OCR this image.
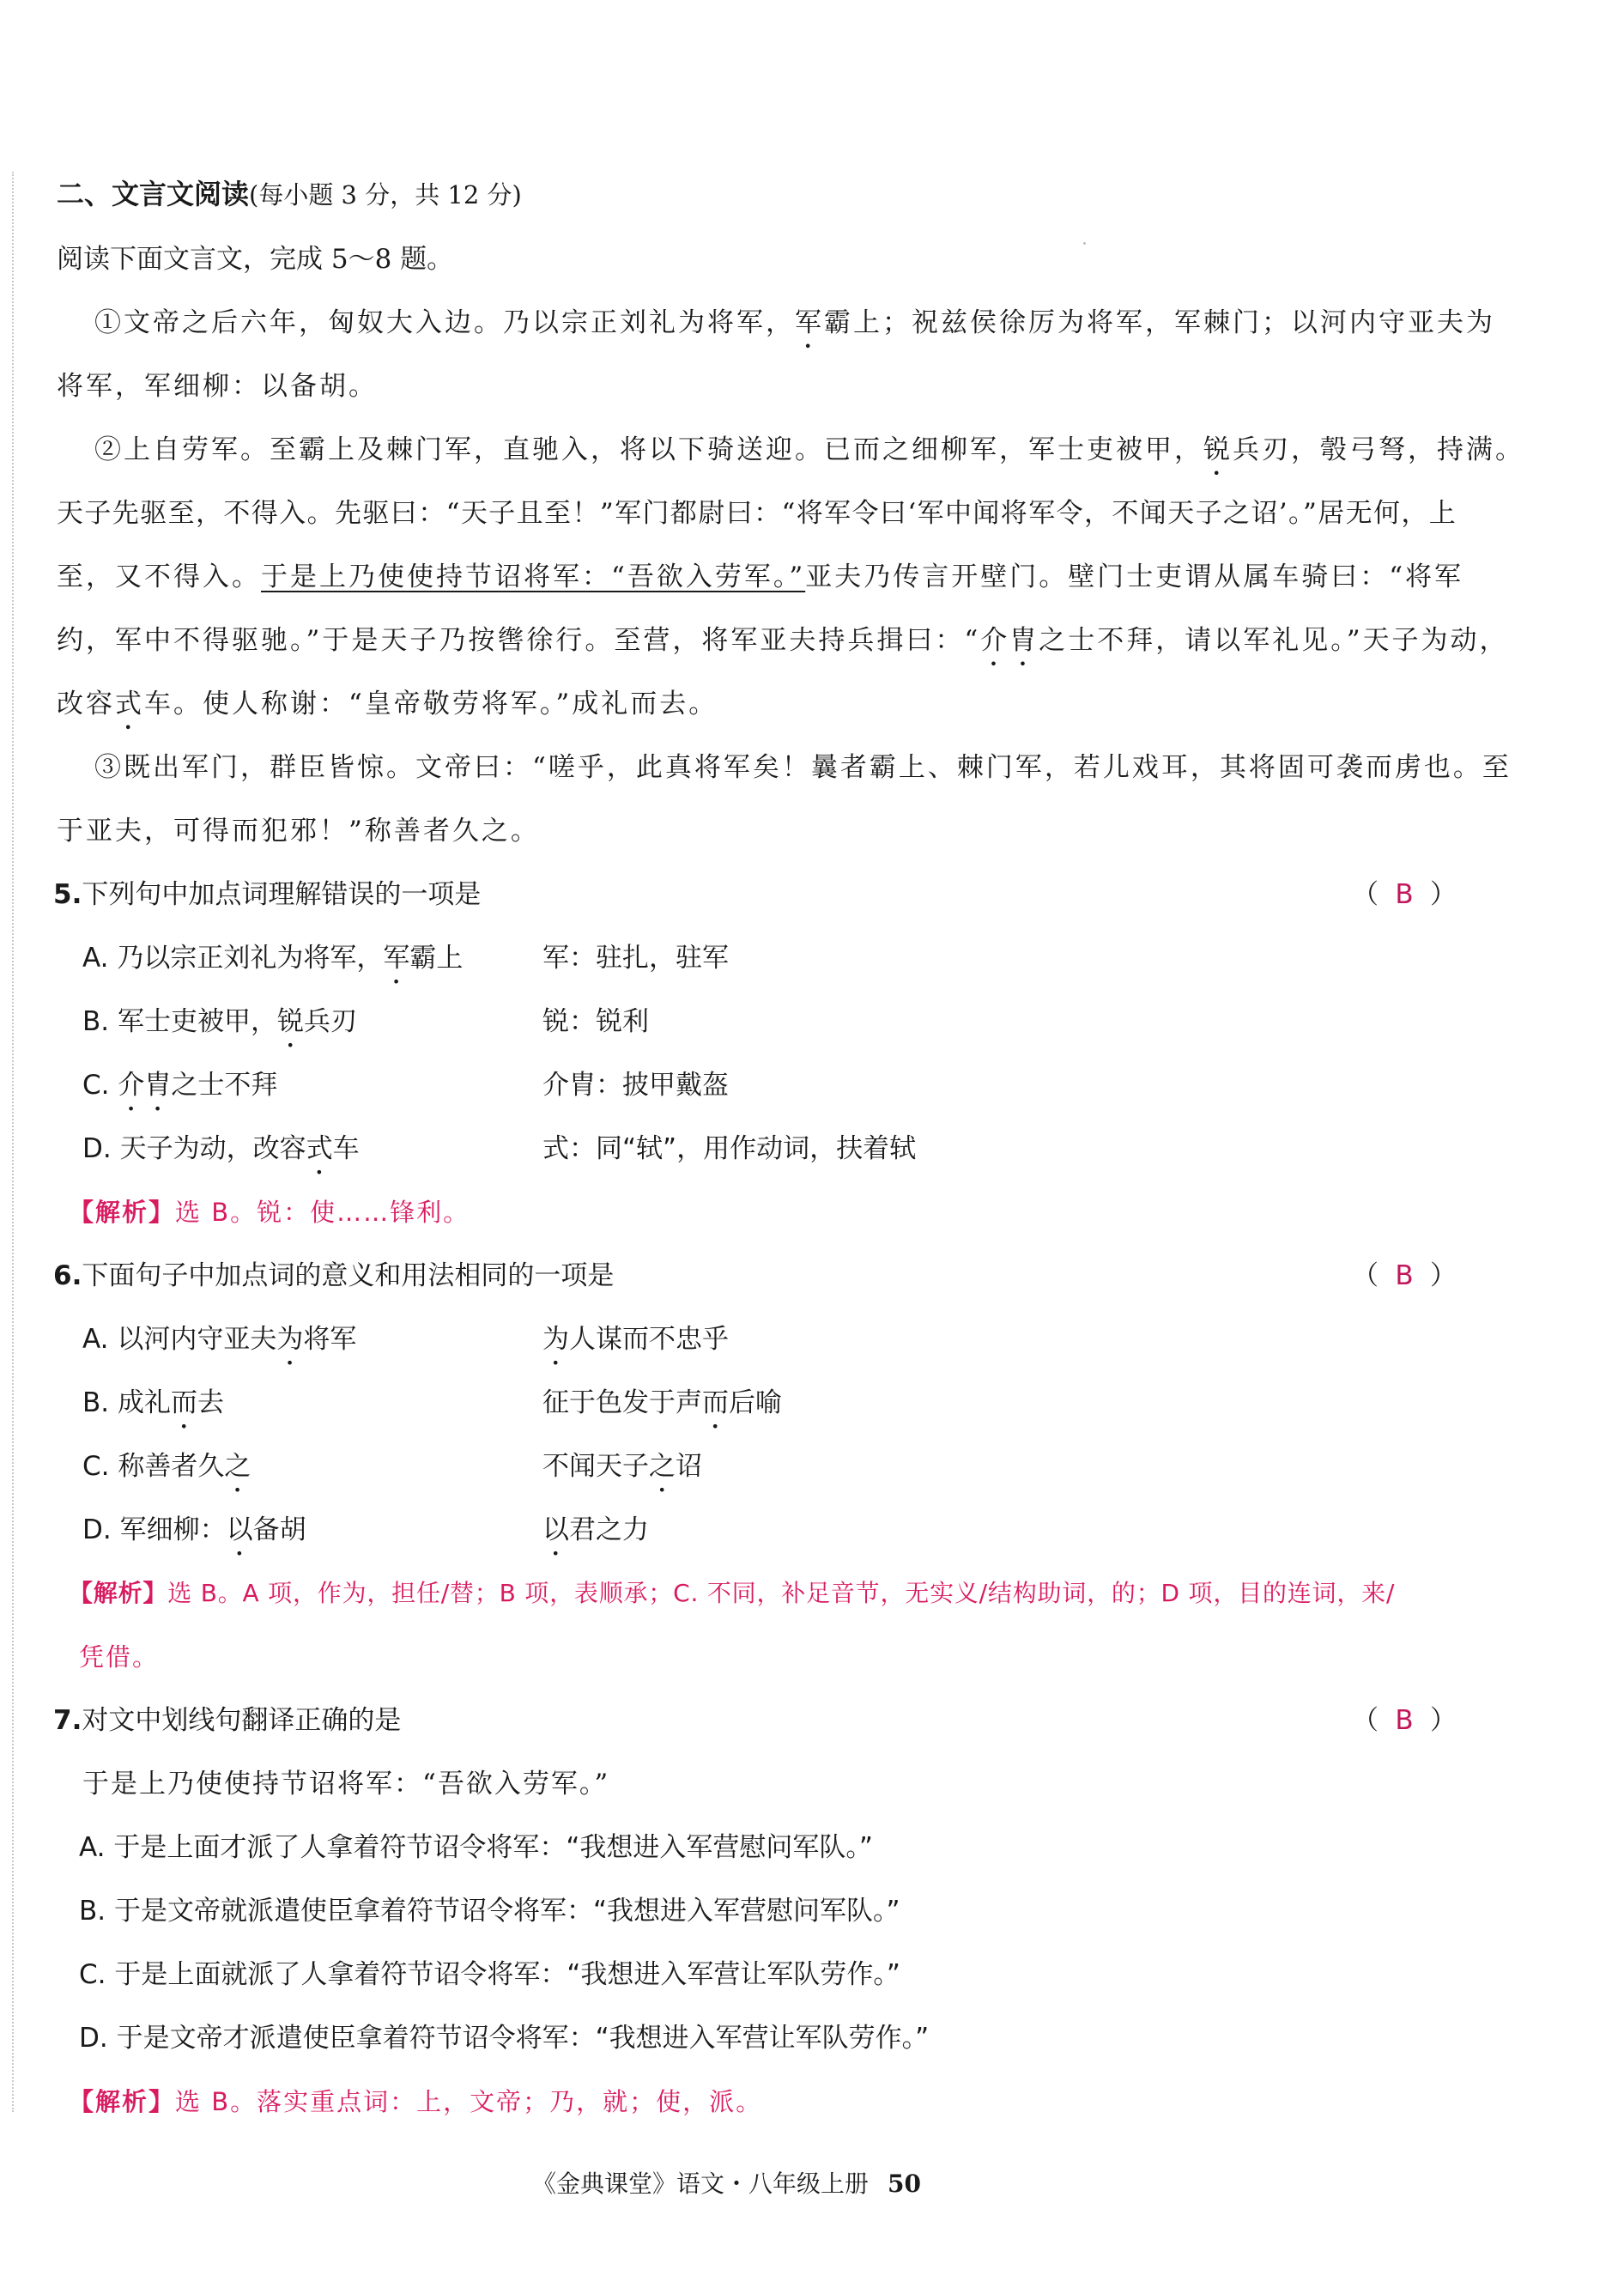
二、文言文阅读(每小题 3 分，共 12 分)
阅读下面文言文，完成 5～8 题。
①文帝之后六年，匈奴大入边。乃以宗正刘礼为将军，军霸上；祝兹侯徐厉为将军，军棘门；以河内守亚夫为
将军，军细柳：以备胡。
②上自劳军。至霸上及棘门军，直驰入，将以下骑送迎。已而之细柳军，军士吏被甲，锐兵刃，彀弓弩，持满。
天子先驱至，不得入。先驱曰：“天子且至！”军门都尉曰：“将军令曰‘军中闻将军令，不闻天子之诏’。”居无何，上
至，又不得入。于是上乃使使持节诏将军：“吾欲入劳军。”亚夫乃传言开壁门。壁门士吏谓从属车骑曰：“将军
约，军中不得驱驰。”于是天子乃按辔徐行。至营，将军亚夫持兵揖曰：“介胄之士不拜，请以军礼见。”天子为动，
改容式车。使人称谢：“皇帝敬劳将军。”成礼而去。
③既出军门，群臣皆惊。文帝曰：“嗟乎，此真将军矣！曩者霸上、棘门军，若儿戏耳，其将固可袭而虏也。至
于亚夫，可得而犯邪！”称善者久之。
5.下列句中加点词理解错误的一项是	（ B ）
A. 乃以宗正刘礼为将军，军霸上	军：驻扎，驻军
B. 军士吏被甲，锐兵刃	锐：锐利
C. 介胄之士不拜	介胄：披甲戴盔
D. 天子为动，改容式车	式：同“轼”，用作动词，扶着轼
【解析】选 B。锐：使……锋利。
6.下面句子中加点词的意义和用法相同的一项是	（ B ）
A. 以河内守亚夫为将军	为人谋而不忠乎
B. 成礼而去	征于色发于声而后喻
C. 称善者久之	不闻天子之诏
D. 军细柳：以备胡	以君之力
【解析】选 B。A 项，作为，担任/替；B 项，表顺承；C. 不同，补足音节，无实义/结构助词，的；D 项，目的连词，来/
凭借。
7.对文中划线句翻译正确的是	（ B ）
于是上乃使使持节诏将军：“吾欲入劳军。”
A. 于是上面才派了人拿着符节诏令将军：“我想进入军营慰问军队。”
B. 于是文帝就派遣使臣拿着符节诏令将军：“我想进入军营慰问军队。”
C. 于是上面就派了人拿着符节诏令将军：“我想进入军营让军队劳作。”
D. 于是文帝才派遣使臣拿着符节诏令将军：“我想进入军营让军队劳作。”
【解析】选 B。落实重点词：上，文帝；乃，就；使，派。
《金典课堂》语文・八年级上册 50
